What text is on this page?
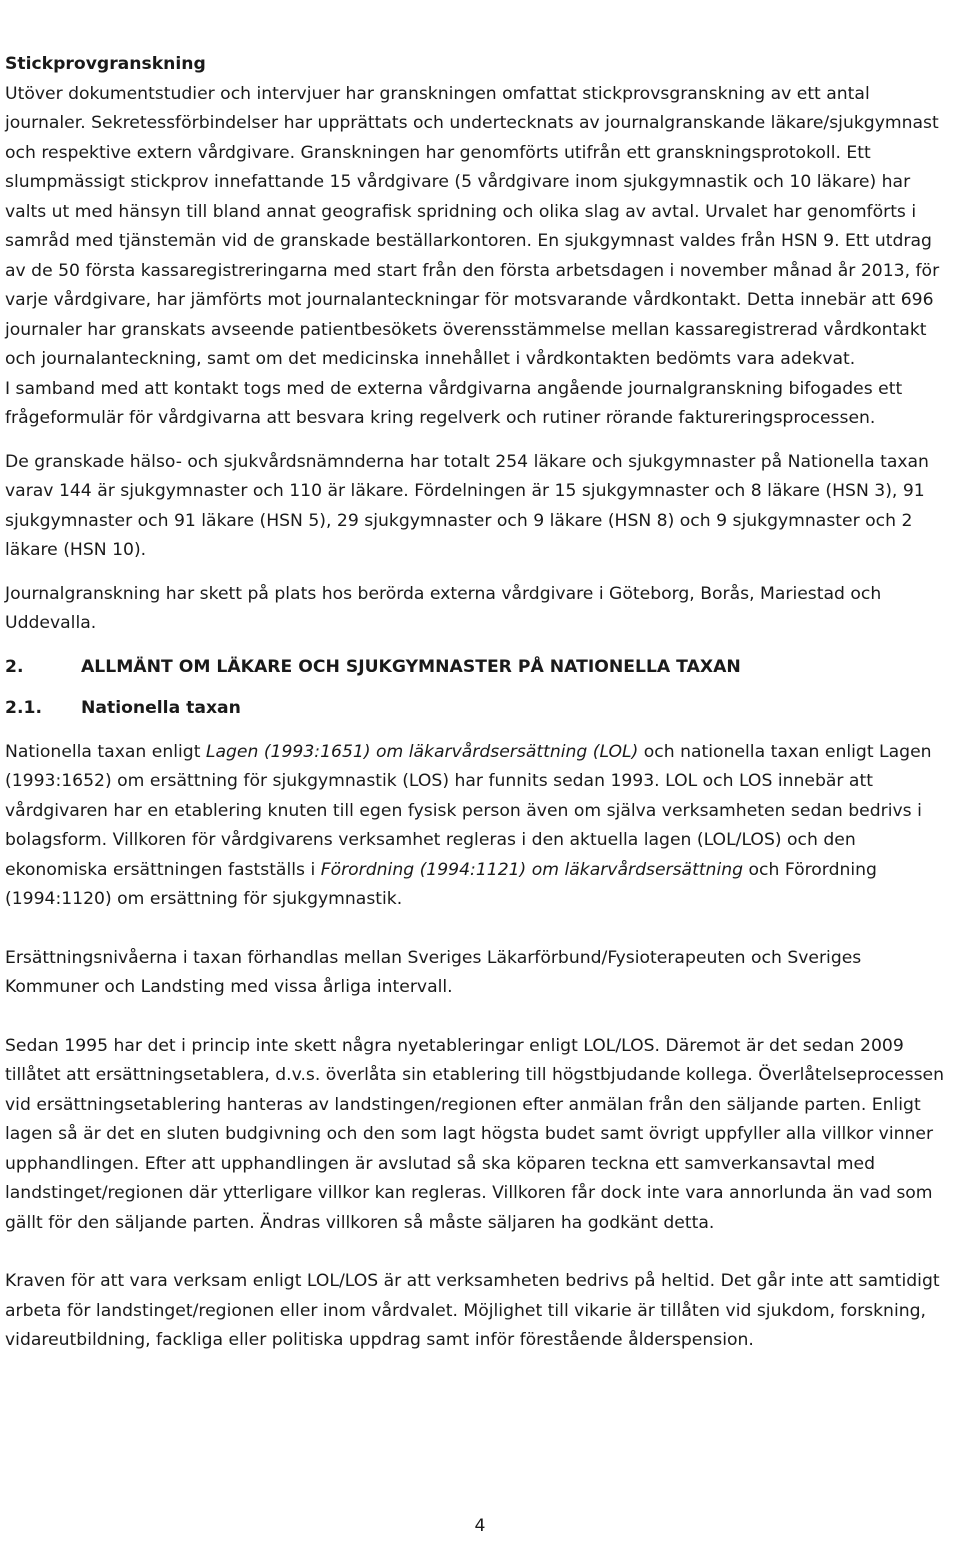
Stickprovgranskning

Utöver dokumentstudier och intervjuer har granskningen omfattat stickprovsgranskning av ett antal journaler. Sekretessförbindelser har upprättats och undertecknats av journalgranskande läkare/sjukgymnast och respektive extern vårdgivare. Granskningen har genomförts utifrån ett granskningsprotokoll. Ett slumpmässigt stickprov innefattande 15 vårdgivare (5 vårdgivare inom sjukgymnastik och 10 läkare) har valts ut med hänsyn till bland annat geografisk spridning och olika slag av avtal. Urvalet har genomförts i samråd med tjänstemän vid de granskade beställarkontoren. En sjukgymnast valdes från HSN 9. Ett utdrag av de 50 första kassaregistreringarna med start från den första arbetsdagen i november månad år 2013, för varje vårdgivare, har jämförts mot journalanteckningar för motsvarande vårdkontakt. Detta innebär att 696 journaler har granskats avseende patientbesökets överensstämmelse mellan kassaregistrerad vårdkontakt och journalanteckning, samt om det medicinska innehållet i vårdkontakten bedömts vara adekvat.

I samband med att kontakt togs med de externa vårdgivarna angående journalgranskning bifogades ett frågeformulär för vårdgivarna att besvara kring regelverk och rutiner rörande faktureringsprocessen.

De granskade hälso- och sjukvårdsnämnderna har totalt 254 läkare och sjukgymnaster på Nationella taxan varav 144 är sjukgymnaster och 110 är läkare. Fördelningen är 15 sjukgymnaster och 8 läkare (HSN 3), 91 sjukgymnaster och 91 läkare (HSN 5), 29 sjukgymnaster och 9 läkare (HSN 8) och 9 sjukgymnaster och 2 läkare (HSN 10).

Journalgranskning har skett på plats hos berörda externa vårdgivare i Göteborg, Borås, Mariestad och Uddevalla.

2.	ALLMÄNT OM LÄKARE OCH SJUKGYMNASTER PÅ NATIONELLA TAXAN
2.1.	Nationella taxan

Nationella taxan enligt Lagen (1993:1651) om läkarvårdsersättning (LOL) och nationella taxan enligt Lagen (1993:1652) om ersättning för sjukgymnastik (LOS) har funnits sedan 1993. LOL och LOS innebär att vårdgivaren har en etablering knuten till egen fysisk person även om själva verksamheten sedan bedrivs i bolagsform. Villkoren för vårdgivarens verksamhet regleras i den aktuella lagen (LOL/LOS) och den ekonomiska ersättningen fastställs i Förordning (1994:1121) om läkarvårdsersättning och Förordning (1994:1120) om ersättning för sjukgymnastik.

Ersättningsnivåerna i taxan förhandlas mellan Sveriges Läkarförbund/Fysioterapeuten och Sveriges Kommuner och Landsting med vissa årliga intervall.

Sedan 1995 har det i princip inte skett några nyetableringar enligt LOL/LOS. Däremot är det sedan 2009 tillåtet att ersättningsetablera, d.v.s. överlåta sin etablering till högstbjudande kollega. Överlåtelseprocessen vid ersättningsetablering hanteras av landstingen/regionen efter anmälan från den säljande parten. Enligt lagen så är det en sluten budgivning och den som lagt högsta budet samt övrigt uppfyller alla villkor vinner upphandlingen. Efter att upphandlingen är avslutad så ska köparen teckna ett samverkansavtal med landstinget/regionen där ytterligare villkor kan regleras. Villkoren får dock inte vara annorlunda än vad som gällt för den säljande parten. Ändras villkoren så måste säljaren ha godkänt detta.

Kraven för att vara verksam enligt LOL/LOS är att verksamheten bedrivs på heltid. Det går inte att samtidigt arbeta för landstinget/regionen eller inom vårdvalet. Möjlighet till vikarie är tillåten vid sjukdom, forskning, vidareutbildning, fackliga eller politiska uppdrag samt inför förestående ålderspension.

4
